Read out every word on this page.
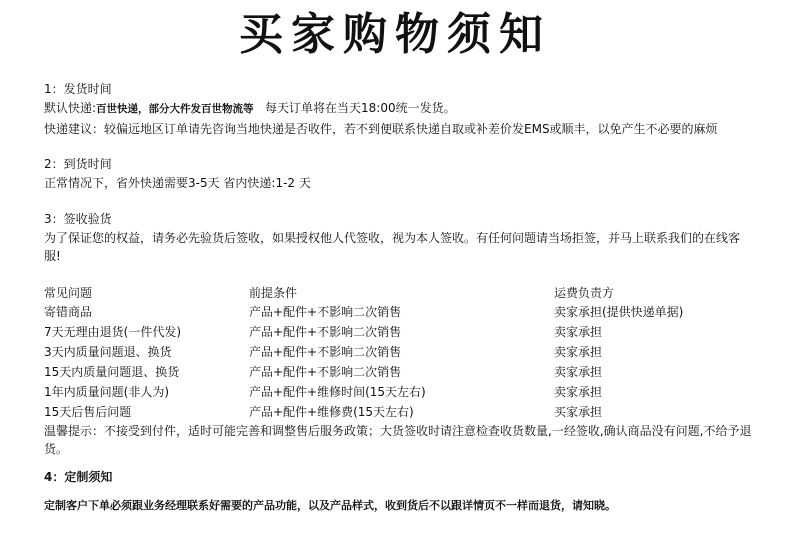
买家购物须知
1：发货时间
默认快递:百世快递，部分大件发百世物流等 每天订单将在当天18:00统一发货。
快递建议：较偏远地区订单请先咨询当地快递是否收件，若不到便联系快递自取或补差价发EMS或顺丰，以免产生不必要的麻烦
2：到货时间
正常情况下，省外快递需要3-5天 省内快递:1-2 天
3：签收验货
为了保证您的权益，请务必先验货后签收，如果授权他人代签收，视为本人签收。有任何问题请当场拒签，并马上联系我们的在线客服!
常见问题	前提条件	运费负责方
寄错商品	产品+配件+不影响二次销售	卖家承担(提供快递单据)
7天无理由退货(一件代发)	产品+配件+不影响二次销售	卖家承担
3天内质量问题退、换货	产品+配件+不影响二次销售	卖家承担
15天内质量问题退、换货	产品+配件+不影响二次销售	卖家承担
1年内质量问题(非人为)	产品+配件+维修时间(15天左右)	卖家承担
15天后售后问题	产品+配件+维修费(15天左右)	买家承担
温馨提示：不接受到付件，适时可能完善和调整售后服务政策；大货签收时请注意检查收货数量,一经签收,确认商品没有问题,不给予退货。
4：定制须知
定制客户下单必须跟业务经理联系好需要的产品功能，以及产品样式，收到货后不以跟详情页不一样而退货，请知晓。
